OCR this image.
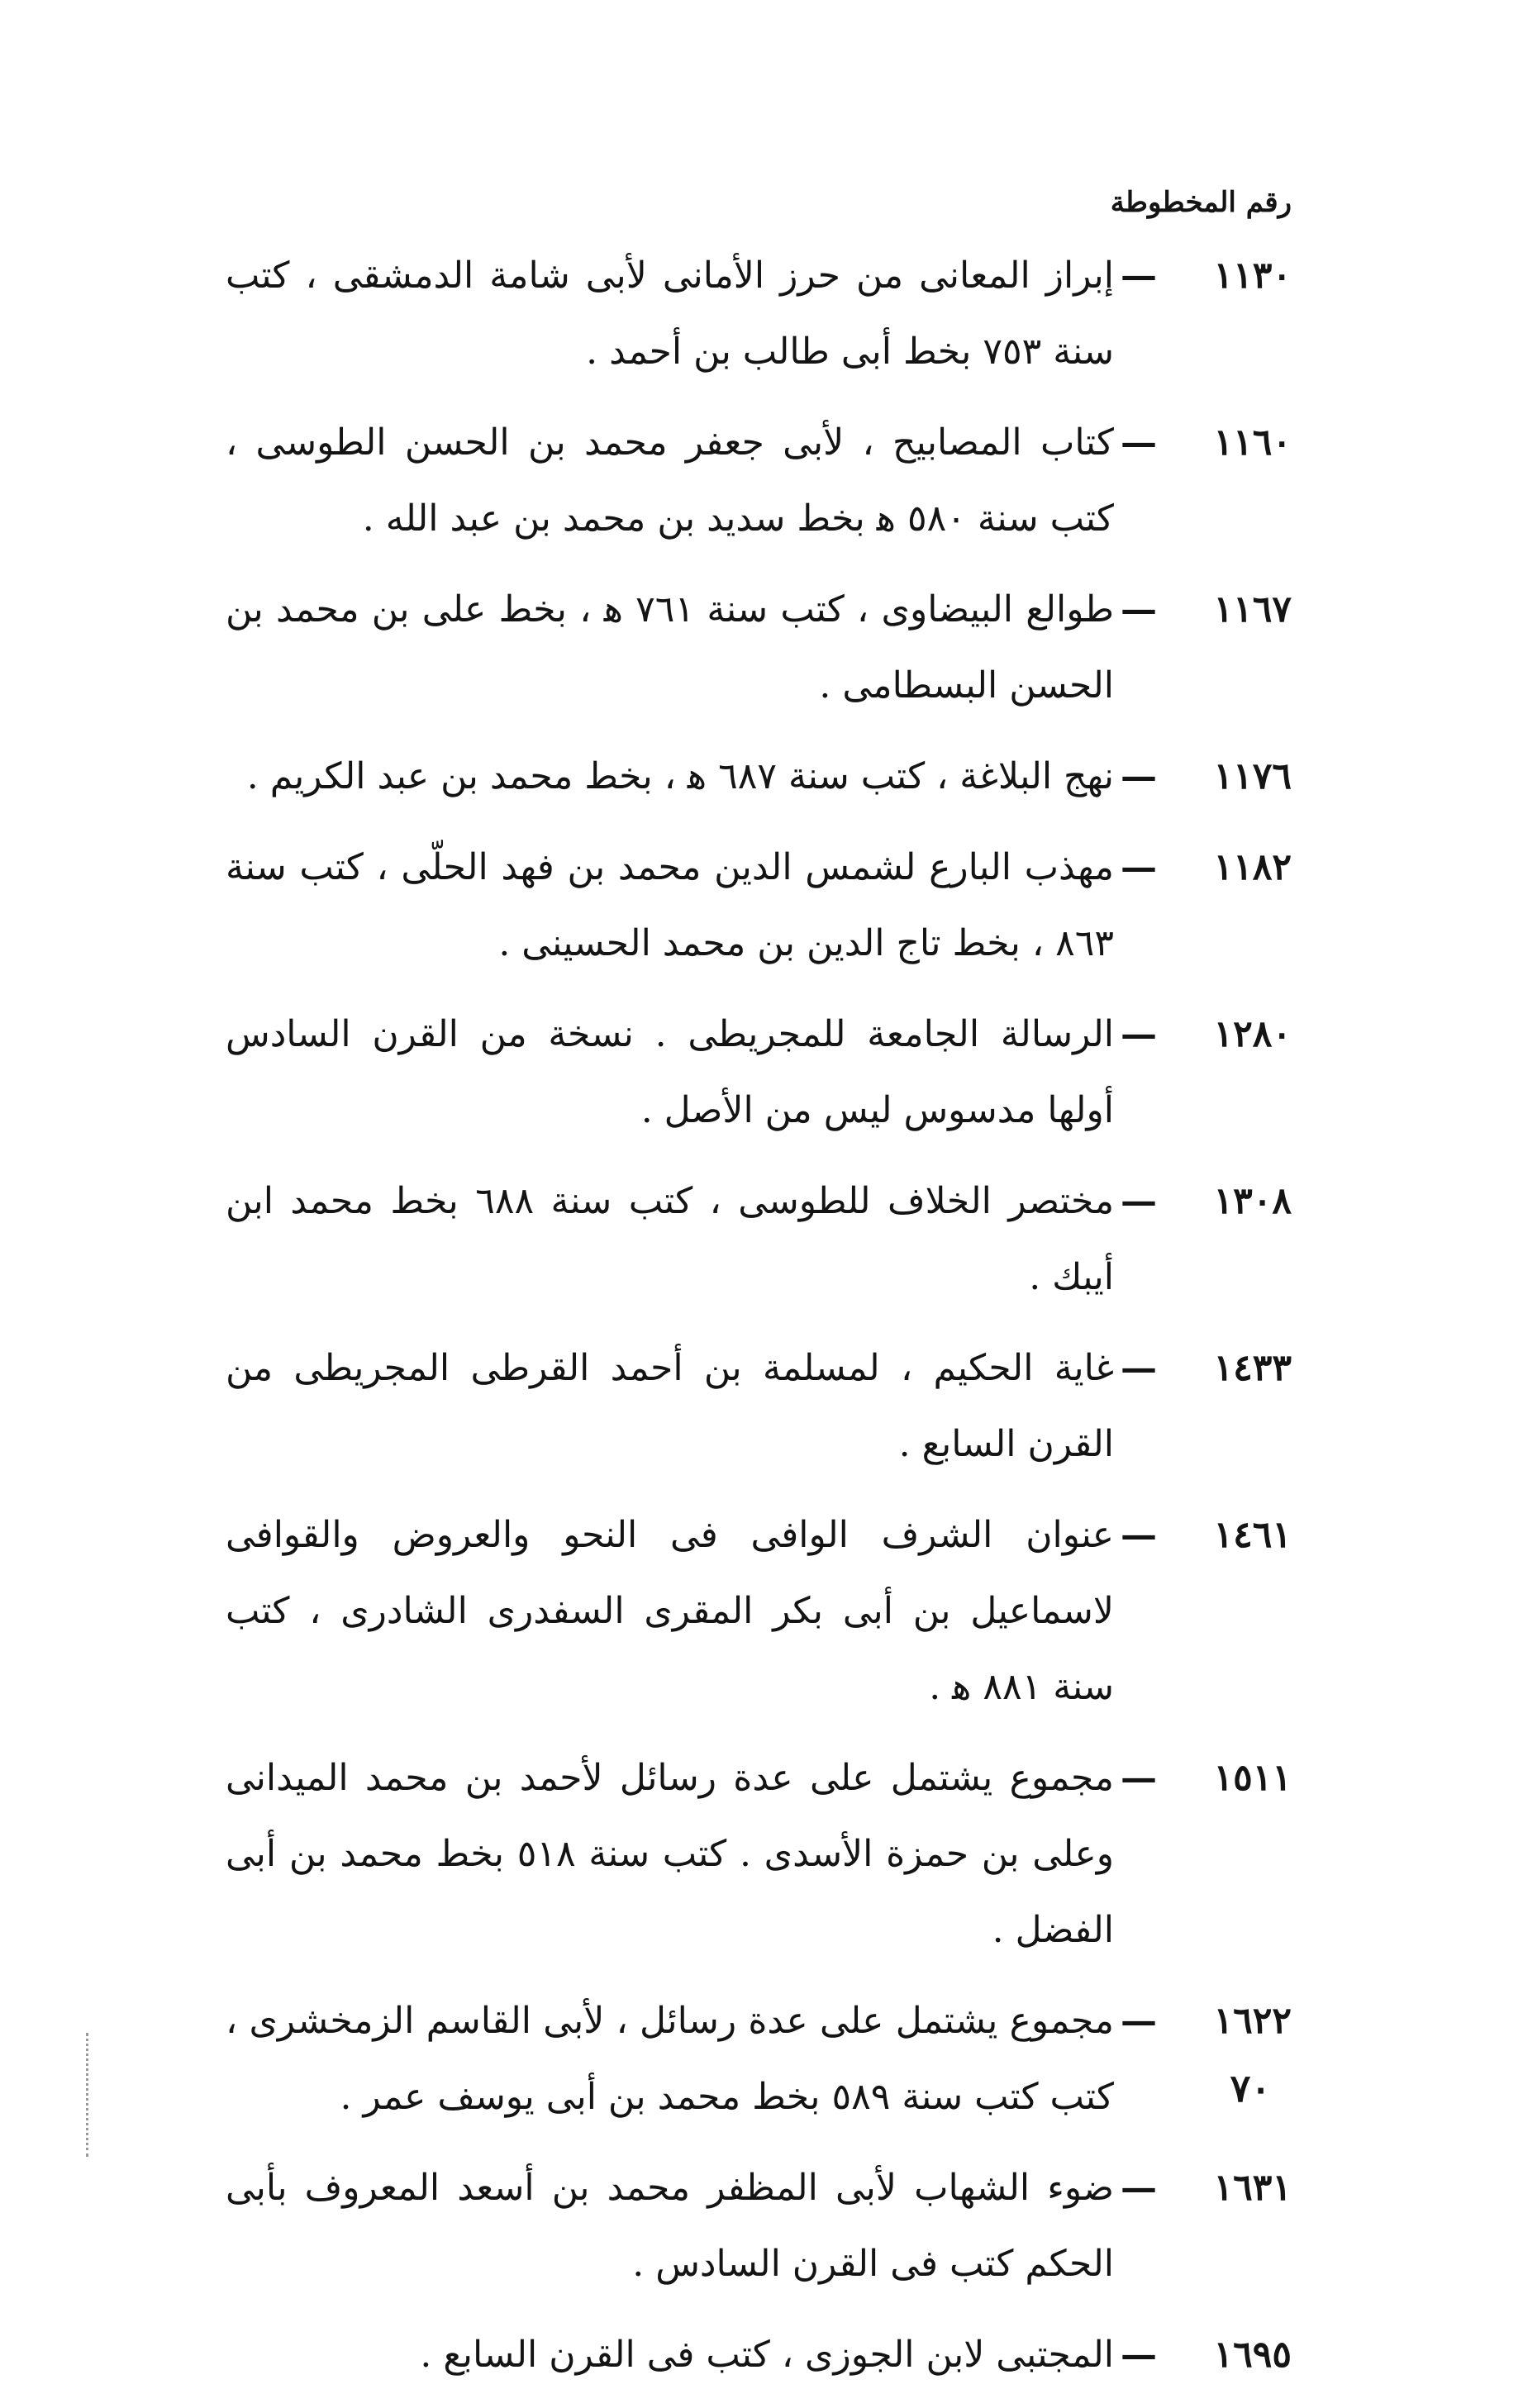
رقم المخطوطة
١١٣٠
—
إبراز المعانى من حرز الأمانى لأبى شامة الدمشقى ، كتب سنة ٧٥٣ بخط أبى طالب بن أحمد .
١١٦٠
—
كتاب المصابيح ، لأبى جعفر محمد بن الحسن الطوسى ، كتب سنة ٥٨٠ ﻫ بخط سديد بن محمد بن عبد الله .
١١٦٧
—
طوالع البيضاوى ، كتب سنة ٧٦١ ﻫ ، بخط على بن محمد بن الحسن البسطامى .
١١٧٦
—
نهج البلاغة ، كتب سنة ٦٨٧ ﻫ ، بخط محمد بن عبد الكريم .
١١٨٢
—
مهذب البارع لشمس الدين محمد بن فهد الحلّى ، كتب سنة ٨٦٣ ، بخط تاج الدين بن محمد الحسينى .
١٢٨٠
—
الرسالة الجامعة للمجريطى . نسخة من القرن السادس أولها مدسوس ليس من الأصل .
١٣٠٨
—
مختصر الخلاف للطوسى ، كتب سنة ٦٨٨ بخط محمد ابن أيبك .
١٤٣٣
—
غاية الحكيم ، لمسلمة بن أحمد القرطى المجريطى من القرن السابع .
١٤٦١
—
عنوان الشرف الوافى فى النحو والعروض والقوافى لاسماعيل بن أبى بكر المقرى السفدرى الشادرى ، كتب سنة ٨٨١ ﻫ .
١٥١١
—
مجموع يشتمل على عدة رسائل لأحمد بن محمد الميدانى وعلى بن حمزة الأسدى . كتب سنة ٥١٨ بخط محمد بن أبى الفضل .
١٦٢٢
—
مجموع يشتمل على عدة رسائل ، لأبى القاسم الزمخشرى ، كتب كتب سنة ٥٨٩ بخط محمد بن أبى يوسف عمر .
١٦٣١
—
ضوء الشهاب لأبى المظفر محمد بن أسعد المعروف بأبى الحكم كتب فى القرن السادس .
١٦٩٥
—
المجتبى لابن الجوزى ، كتب فى القرن السابع .
٧٠
